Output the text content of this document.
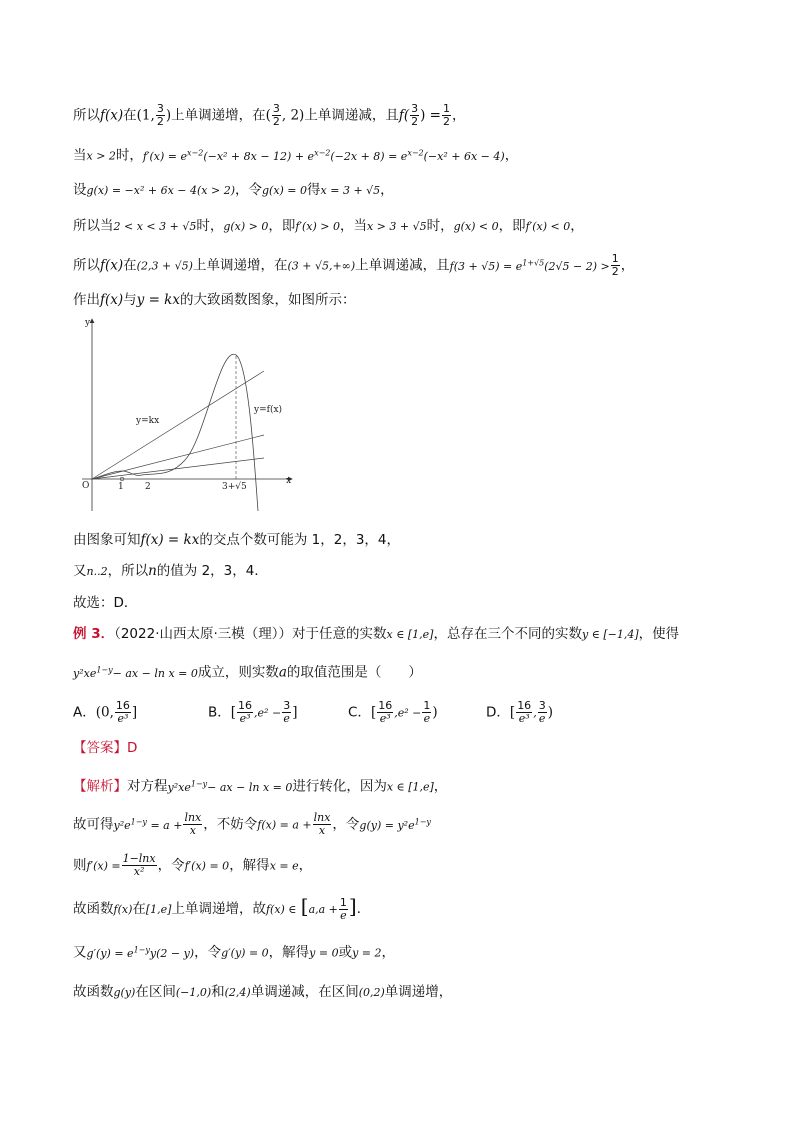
所以f(x)在(1, $\frac{3}{2}$ )上单调递增，在( $\frac{3}{2}$ , 2)上单调递减，且$f( \frac{3}{2}$ ) = $\frac{1}{2}$ ，
当x > 2时，$f'(x) = e^{x-2}(-x^2 + 8x - 12) + e^{x-2}(-2x + 8) = e^{x-2}(-x^2 + 6x - 4)$，
设g(x) = −x² + 6x − 4(x > 2)，令g(x) = 0得x = 3 + √5，
所以当2 < x < 3 + √5时，g(x) > 0，即f′(x) > 0，当x > 3 + √5时，g(x) < 0，即f′(x) < 0，
所以f(x)在(2,3 + √5)上单调递增，在(3 + √5,+∞)上单调递减，且$f(3 + √5) = e^{1+√5}(2√5 - 2) > \frac{1}{2}$ ，
作出f(x)与y = kx的大致函数图象，如图所示：
y
x
O	1 2	3+√5
y=kx
y=f(x)
由图象可知f(x) = kx的交点个数可能为 1，2，3，4，
又n..2，所以n的值为 2，3，4．
故选：D．
例 3．（2022·山西太原·三模（理））对于任意的实数x ∈ [1,e]，总存在三个不同的实数y ∈ [−1,4]，使得
$y^2xe^{1-y}-$ ax − ln x = 0成立，则实数a的取值范围是（　　）
A．(0, $\frac{16}{\text{e³}}$ ]	B．[ $\frac{16}{\text{e³}} ,e^2 - \frac{3}{e}$ ]	C．[ $\frac{16}{\text{e³}} ,e^2 - \frac{1}{e}$ )	D．[ $\frac{16}{\text{e³}}$ , $\frac{3}{e}$ )
【答案】D
【解析】对方程$y^2xe^{1-y}-$ ax − ln x = 0进行转化，因为x ∈ [1,e]，
故可得$y^2e^{1-y} = a + \frac{\ln x}{x}$ ，不妨令$f(x) = a + \frac{\ln x}{x}$ ，令$g(y) = y^2e^{1-y}$
则$f'(x) = \frac{1-\ln x}{\text{x²}}$ ，令f′(x) = 0，解得x = e，
故函数f(x)在[1,e]上单调递增，故f(x) ∈ [$a,a + \frac{1}{e}$ ]．
又$g'(y) = e^{1-y}y(2 - y)$，令g′(y) = 0，解得y = 0或y = 2，
故函数g(y)在区间(−1,0)和(2,4)单调递减，在区间(0,2)单调递增，
